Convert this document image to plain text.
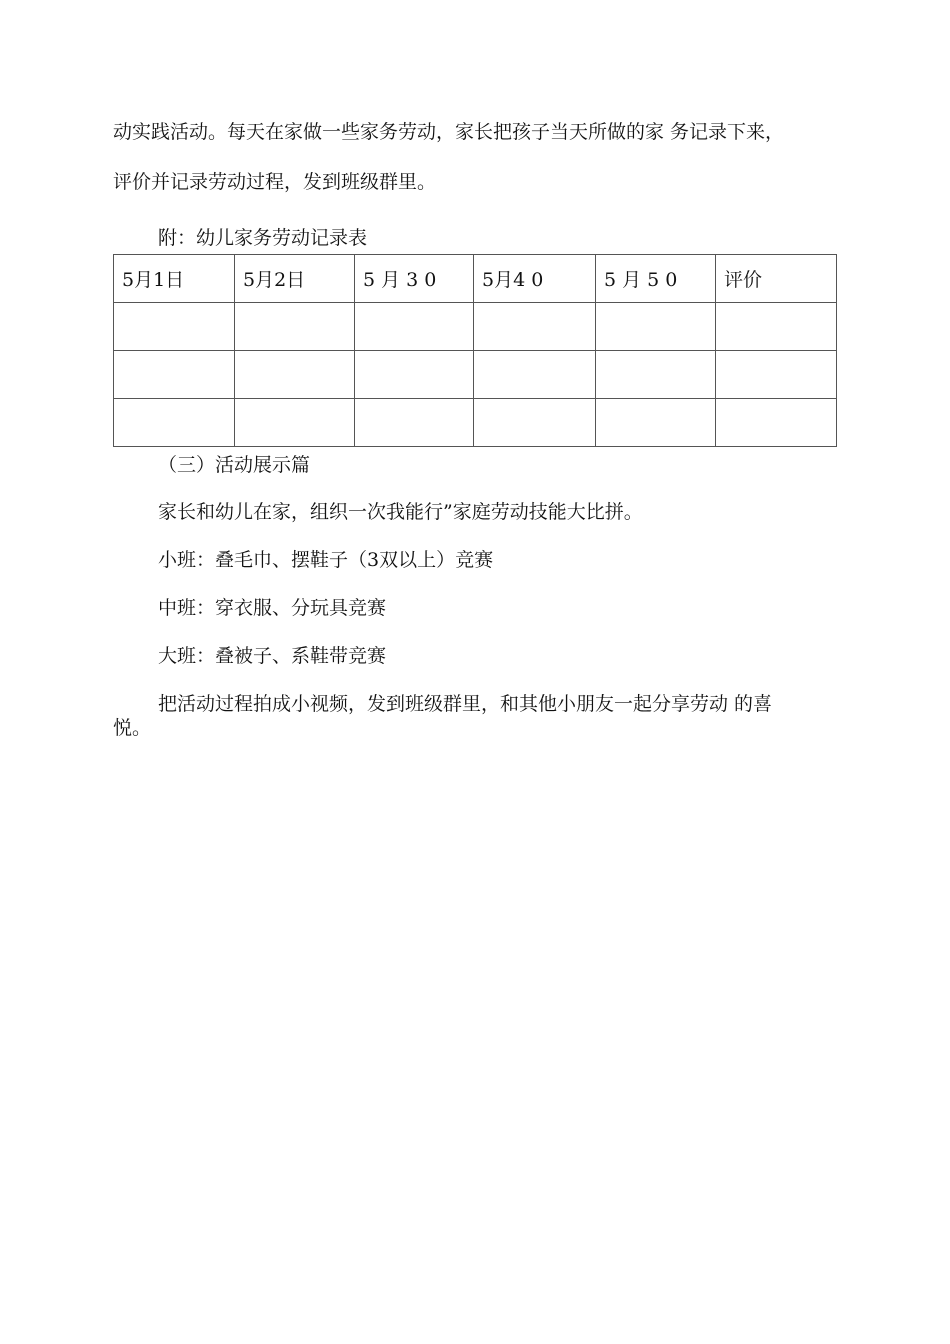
动实践活动。每天在家做一些家务劳动，家长把孩子当天所做的家 务记录下来，
评价并记录劳动过程，发到班级群里。
附：幼儿家务劳动记录表
5月1日	5月2日	5 月 3 0	5月4 0	5 月 5 0	评价

（三）活动展示篇
家长和幼儿在家，组织一次我能行”家庭劳动技能大比拼。
小班：叠毛巾、摆鞋子（3双以上）竞赛
中班：穿衣服、分玩具竞赛
大班：叠被子、系鞋带竞赛
把活动过程拍成小视频，发到班级群里，和其他小朋友一起分享劳动 的喜
悦。
